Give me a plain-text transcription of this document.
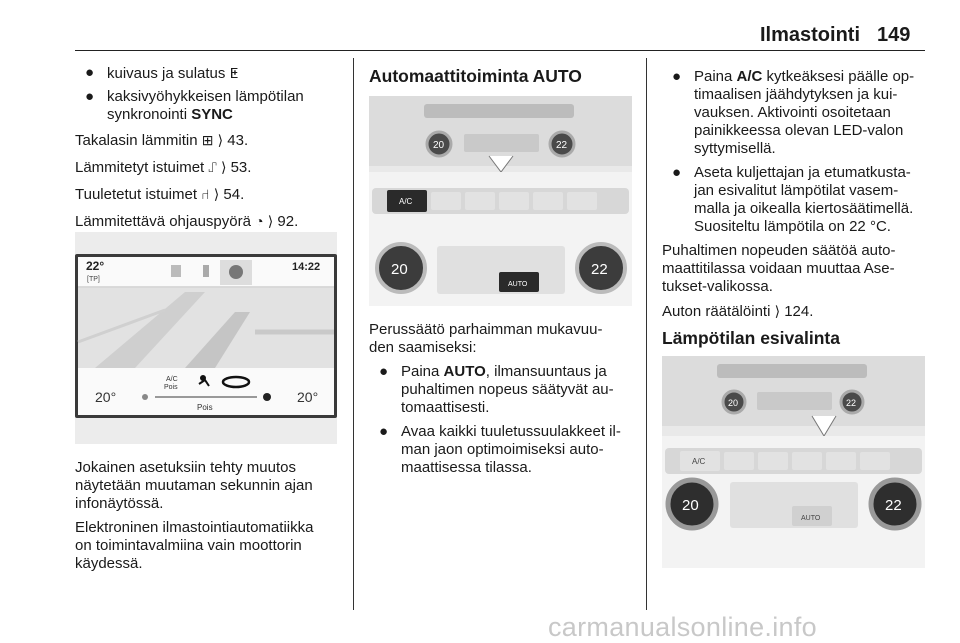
Ilmastointi 149

● kuivaus ja sulatus ⵟ

● kaksivyöhykkeisen lämpötilan
synkronointi SYNC

Takalasin lämmitin ⊞ ⟩ 43.

Lämmitetyt istuimet ⑀ ⟩ 53.

Tuuletetut istuimet ⑁ ⟩ 54.

Lämmitettävä ohjauspyörä ◔ ⟩ 92.

22°
[TP]
14:22
A/C
Pois
20°	20°
Pois

Jokainen asetuksiin tehty muutos
näytetään muutaman sekunnin ajan
infonäytössä.

Elektroninen ilmastointiautomatiikka
on toimintavalmiina vain moottorin
käydessä.

Automaattitoiminta AUTO
20	22
A/C
20	22
AUTO

Perussäätö parhaimman mukavuu-
den saamiseksi:

● Paina AUTO, ilmansuuntaus ja
puhaltimen nopeus säätyvät au-
tomaattisesti.

● Avaa kaikki tuuletussuulakkeet il-
man jaon optimoimiseksi auto-
maattisessa tilassa.

● Paina A/C kytkeäksesi päälle op-
timaalisen jäähdytyksen ja kui-
vauksen. Aktivointi osoitetaan
painikkeessa olevan LED-valon
syttymisellä.

● Aseta kuljettajan ja etumatkusta-
jan esivalitut lämpötilat vasem-
malla ja oikealla kiertosäätimellä.
Suositeltu lämpötila on 22 °C.

Puhaltimen nopeuden säätöä auto-
maattitilassa voidaan muuttaa Ase-
tukset-valikossa.

Auton räätälöinti ⟩ 124.

Lämpötilan esivalinta
20	22
A/C
20	22
AUTO
carmanualsonline.info
